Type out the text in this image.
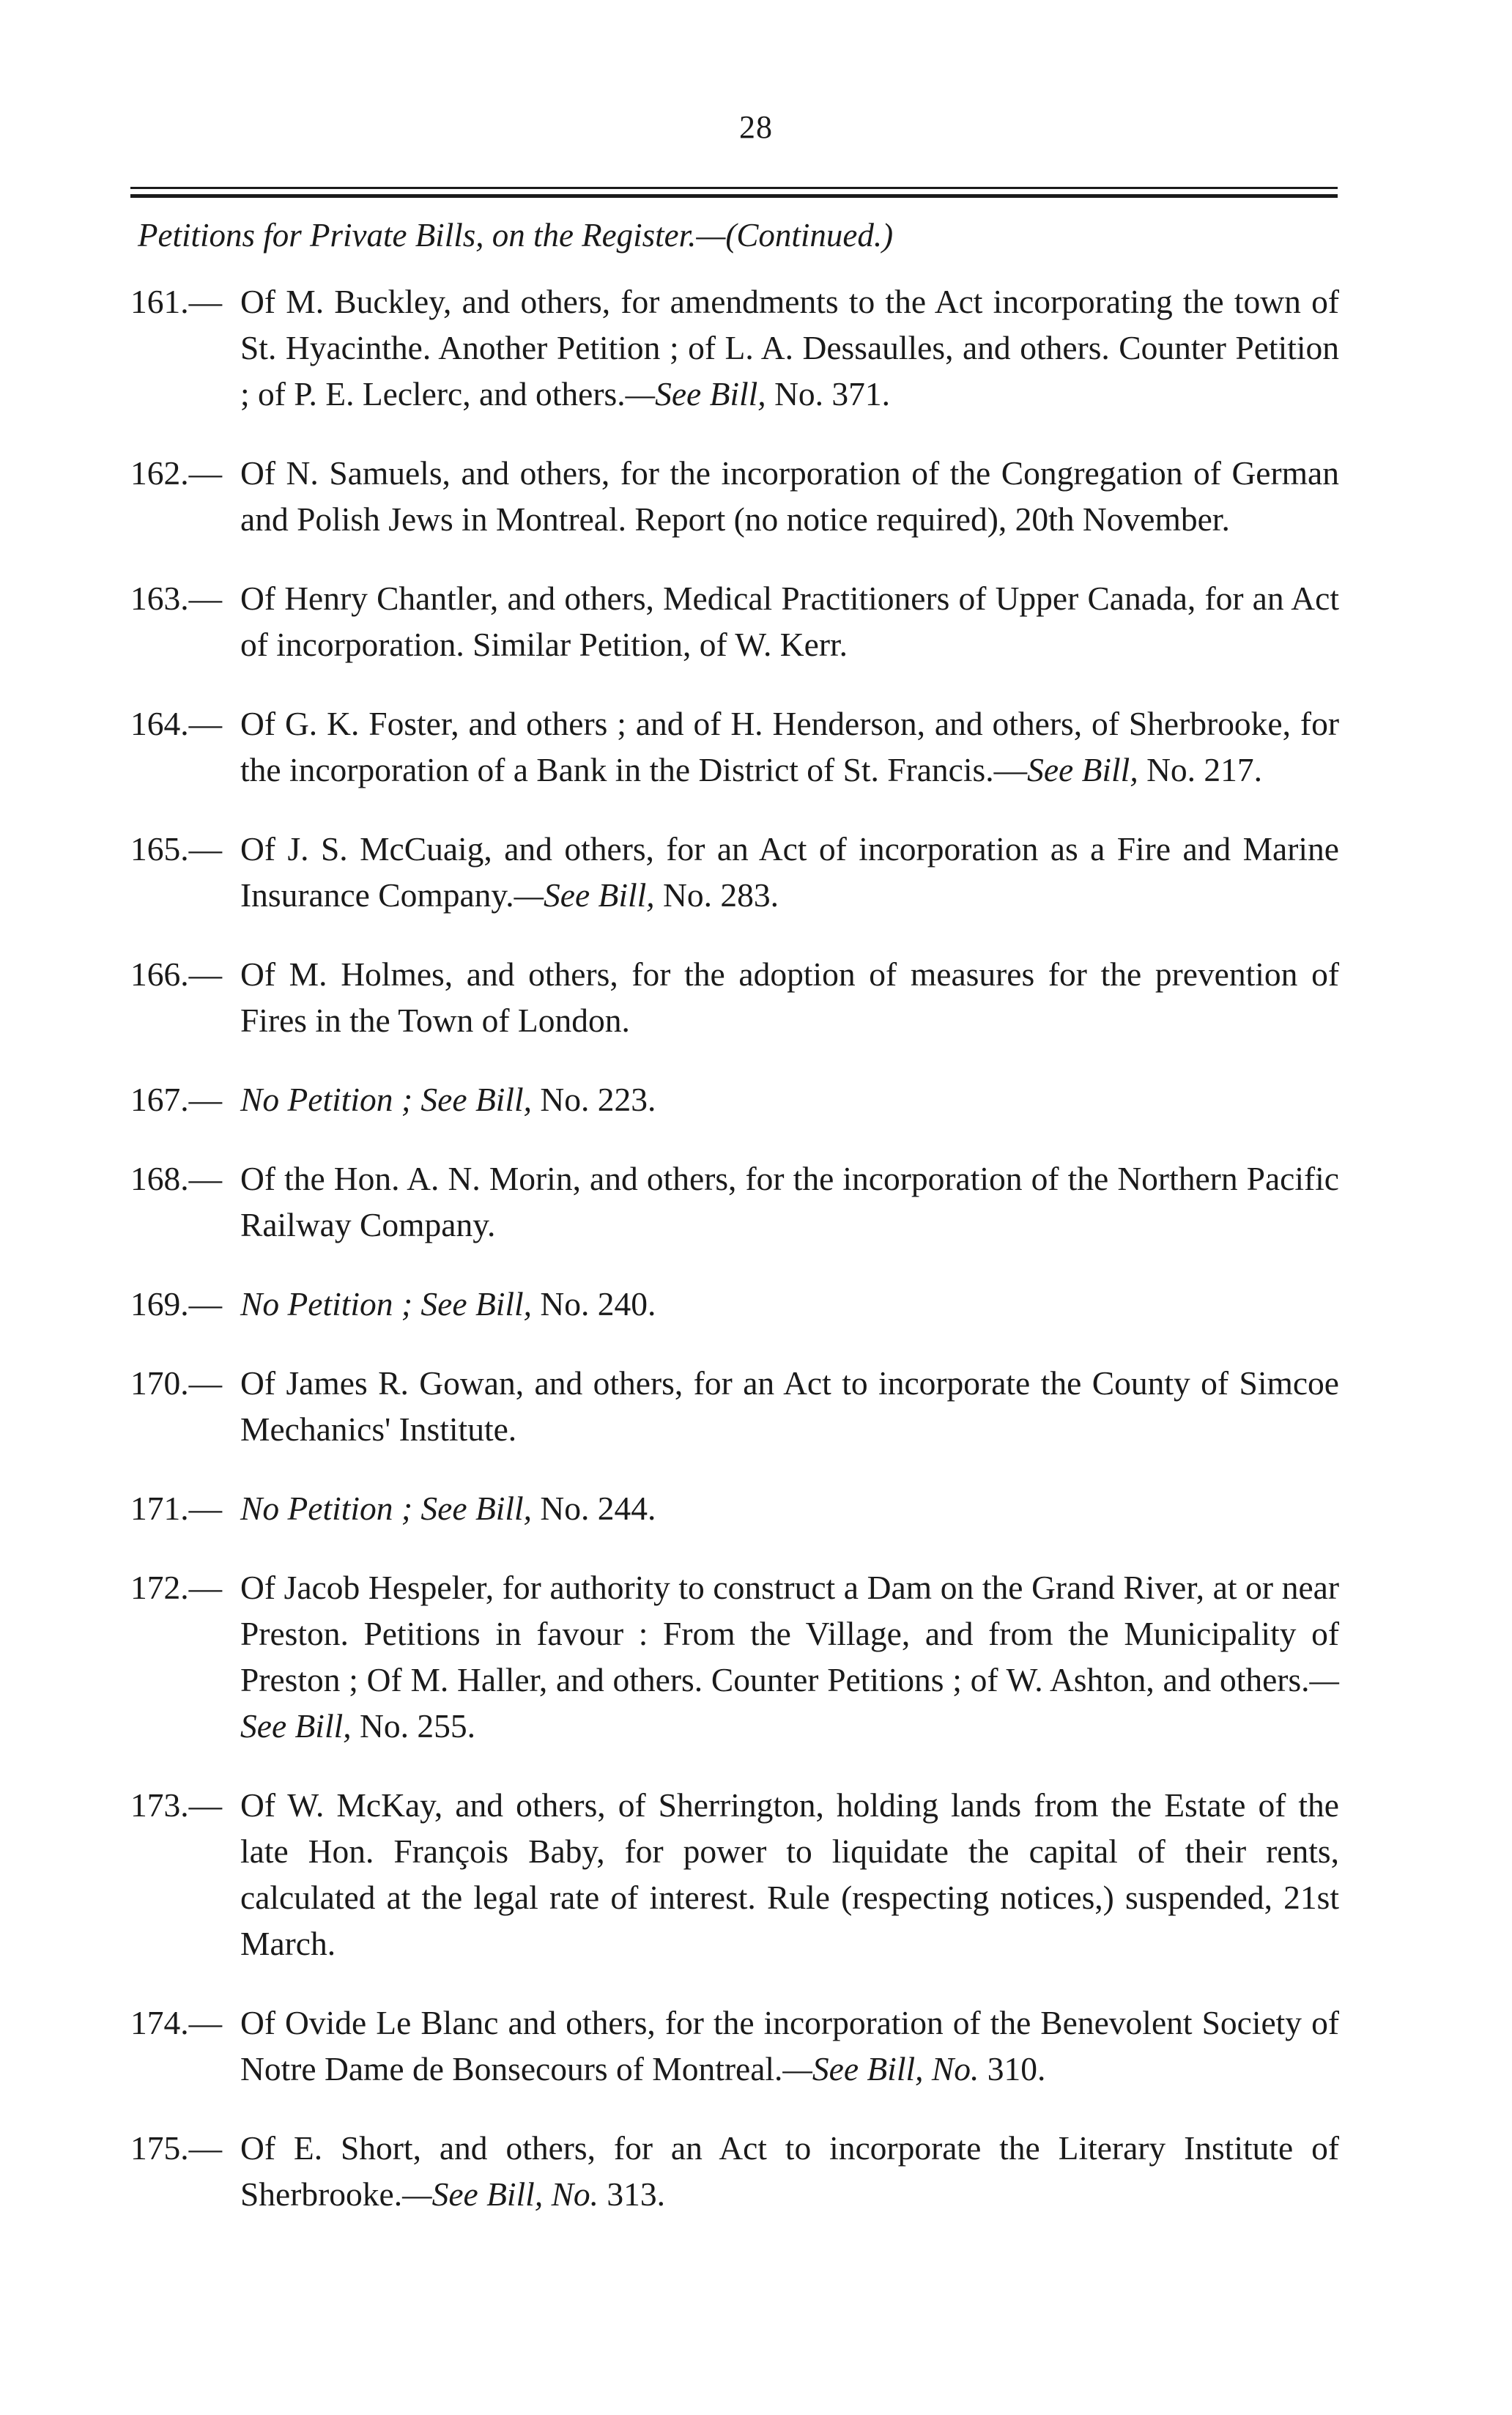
28
Petitions for Private Bills, on the Register.—(Continued.)
161.— Of M. Buckley, and others, for amendments to the Act incorporating the town of St. Hyacinthe. Another Petition ; of L. A. Dessaulles, and others. Counter Petition ; of P. E. Leclerc, and others.—See Bill, No. 371.
162.— Of N. Samuels, and others, for the incorporation of the Congregation of German and Polish Jews in Montreal. Report (no notice required), 20th November.
163.— Of Henry Chantler, and others, Medical Practitioners of Upper Canada, for an Act of incorporation. Similar Petition, of W. Kerr.
164.— Of G. K. Foster, and others ; and of H. Henderson, and others, of Sherbrooke, for the incorporation of a Bank in the District of St. Francis.—See Bill, No. 217.
165.— Of J. S. McCuaig, and others, for an Act of incorporation as a Fire and Marine Insurance Company.—See Bill, No. 283.
166.— Of M. Holmes, and others, for the adoption of measures for the prevention of Fires in the Town of London.
167.— No Petition ; See Bill, No. 223.
168.— Of the Hon. A. N. Morin, and others, for the incorporation of the Northern Pacific Railway Company.
169.— No Petition ; See Bill, No. 240.
170.— Of James R. Gowan, and others, for an Act to incorporate the County of Simcoe Mechanics' Institute.
171.— No Petition ; See Bill, No. 244.
172.— Of Jacob Hespeler, for authority to construct a Dam on the Grand River, at or near Preston. Petitions in favour : From the Village, and from the Municipality of Preston ; Of M. Haller, and others. Counter Petitions ; of W. Ashton, and others.—See Bill, No. 255.
173.— Of W. McKay, and others, of Sherrington, holding lands from the Estate of the late Hon. François Baby, for power to liquidate the capital of their rents, calculated at the legal rate of interest. Rule (respecting notices,) suspended, 21st March.
174.— Of Ovide Le Blanc and others, for the incorporation of the Benevolent Society of Notre Dame de Bonsecours of Montreal.—See Bill, No. 310.
175.— Of E. Short, and others, for an Act to incorporate the Literary Institute of Sherbrooke.—See Bill, No. 313.
